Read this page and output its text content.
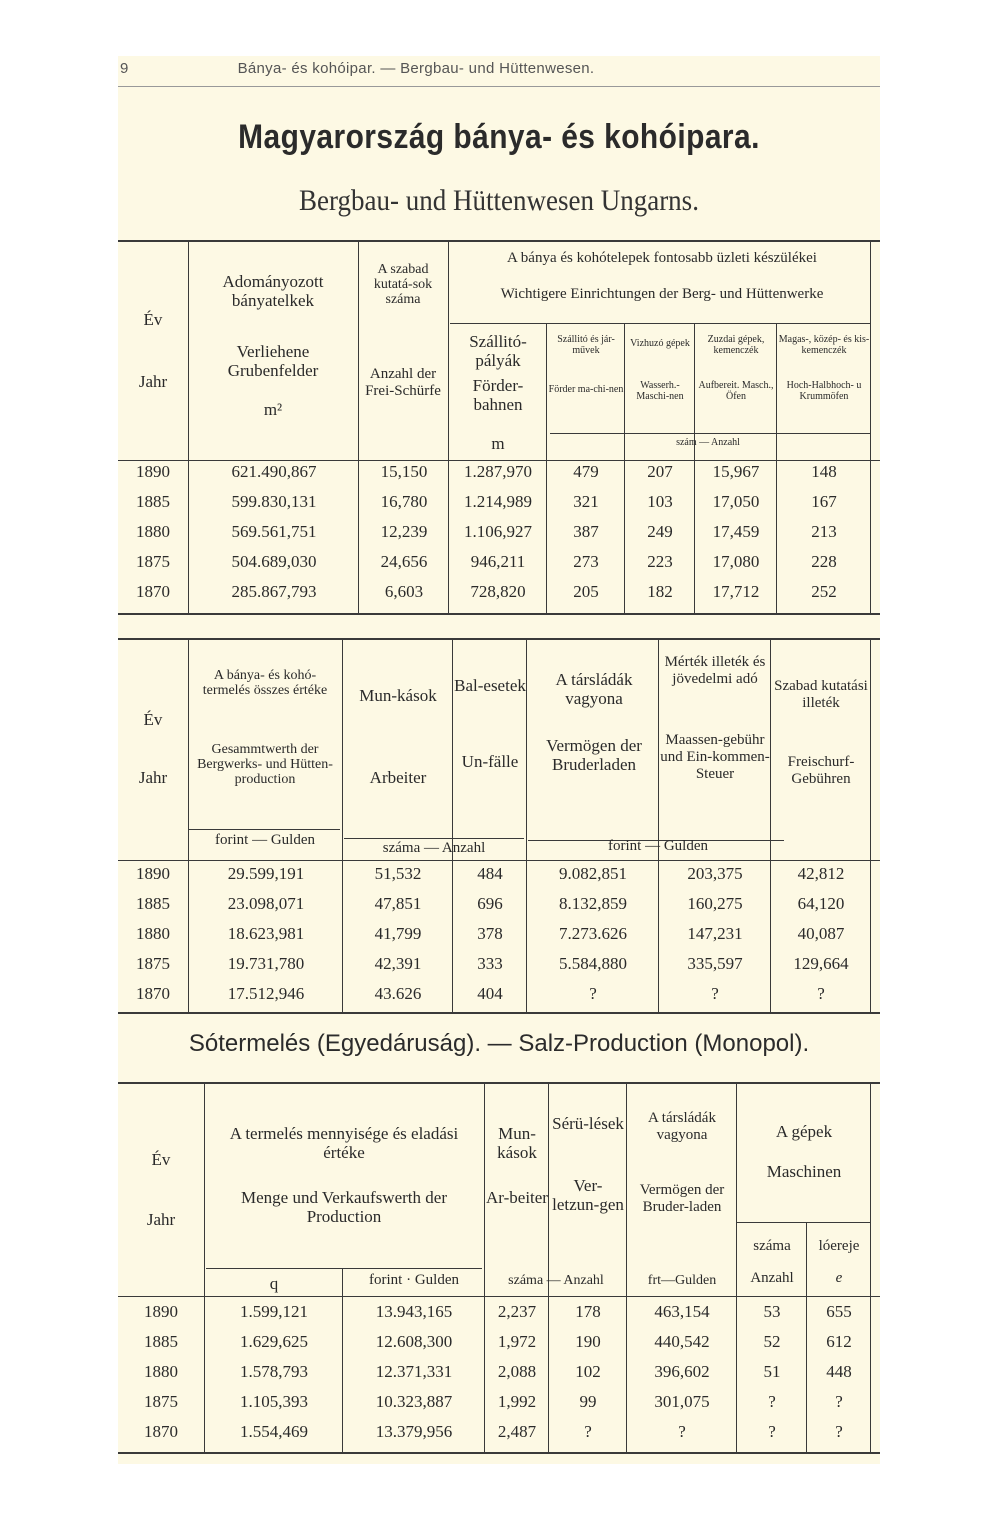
9	Bánya- és kohóipar. — Bergbau- und Hüttenwesen.
Magyarország bánya- és kohóipara.
Bergbau- und Hüttenwesen Ungarns.
Év
Jahr
Adományozott bányatelkek
Verliehene Grubenfelder
m²
A szabad kutatá-sok száma
Anzahl der Frei-Schürfe
A bánya és kohótelepek fontosabb üzleti készülékei
Wichtigere Einrichtungen der Berg- und Hüttenwerke
Szállitó-pályák
Förder-bahnen
m
Szállitó és jár-művek
Förder ma-chi-nen
Vizhuzó gépek
Wasserh.-Maschi-nen
Zuzdai gépek, kemenczék
Aufbereit. Masch., Öfen
Magas-, közép- és kis-kemenczék
Hoch-Halbhoch- u Krummöfen
szám — Anzahl
1890	621.490,867	15,150	1.287,970	479	207	15,967	148
1885	599.830,131	16,780	1.214,989	321	103	17,050	167
1880	569.561,751	12,239	1.106,927	387	249	17,459	213
1875	504.689,030	24,656	946,211	273	223	17,080	228
1870	285.867,793	6,603	728,820	205	182	17,712	252
Év
Jahr
A bánya- és kohó-termelés összes értéke
Gesammtwerth der Bergwerks- und Hütten-production
forint — Gulden
Mun-kások
Arbeiter
Bal-esetek
Un-fälle
száma — Anzahl
A társládák vagyona
Vermögen der Bruderladen
Mérték illeték és jövedelmi adó
Maassen-gebühr und Ein-kommen-Steuer
Szabad kutatási illeték
Freischurf-Gebühren
forint — Gulden
1890	29.599,191	51,532	484	9.082,851	203,375	42,812
1885	23.098,071	47,851	696	8.132,859	160,275	64,120
1880	18.623,981	41,799	378	7.273.626	147,231	40,087
1875	19.731,780	42,391	333	5.584,880	335,597	129,664
1870	17.512,946	43.626	404	?	?	?
Sótermelés (Egyedáruság). — Salz-Production (Monopol).
Év
Jahr
A termelés mennyisége és eladási értéke
Menge und Verkaufswerth der Production
q	forint · Gulden
Mun-kások
Ar-beiter
Sérü-lések
Ver-letzun-gen
száma — Anzahl
A társládák vagyona
Vermögen der Bruder-laden
frt—Gulden
A gépek
Maschinen
száma	lóereje
Anzahl	e
1890	1.599,121	13.943,165	2,237	178	463,154	53	655
1885	1.629,625	12.608,300	1,972	190	440,542	52	612
1880	1.578,793	12.371,331	2,088	102	396,602	51	448
1875	1.105,393	10.323,887	1,992	99	301,075	?	?
1870	1.554,469	13.379,956	2,487	?	?	?	?
